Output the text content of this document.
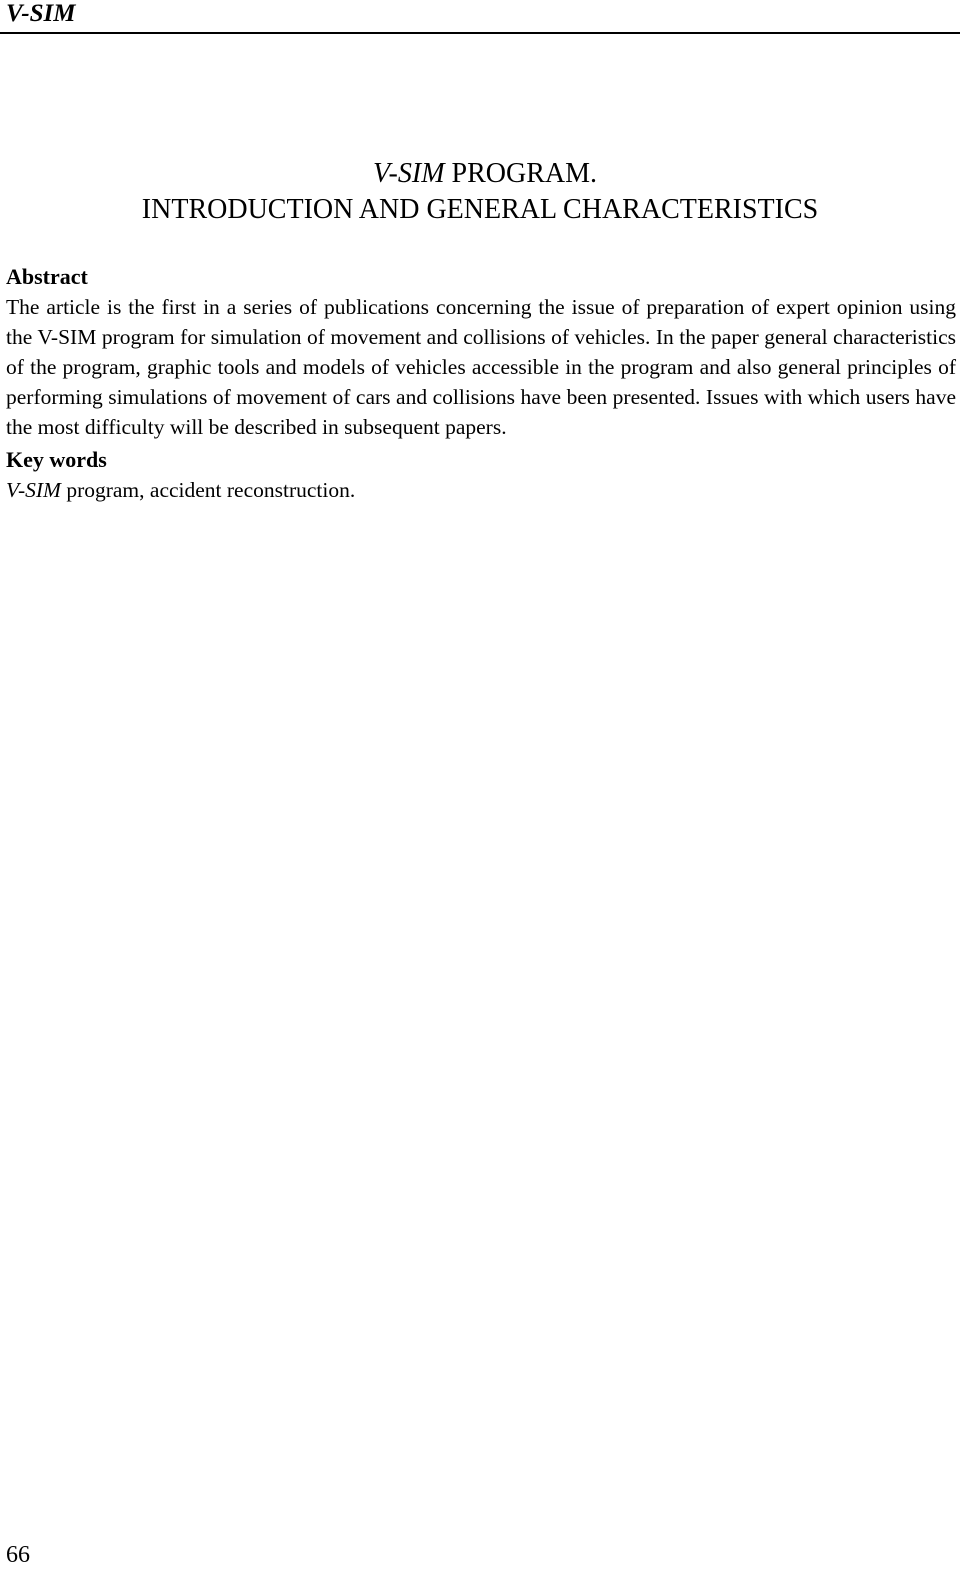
V-SIM
V-SIM PROGRAM.
INTRODUCTION AND GENERAL CHARACTERISTICS
Abstract

The article is the first in a series of publications concerning the issue of preparation of expert opinion using the V-SIM program for simulation of movement and collisions of vehicles. In the paper general characteristics of the program, graphic tools and models of vehicles accessible in the program and also general principles of performing simulations of movement of cars and collisions have been presented. Issues with which users have the most difficulty will be described in subsequent papers.

Key words

V-SIM program, accident reconstruction.

66
